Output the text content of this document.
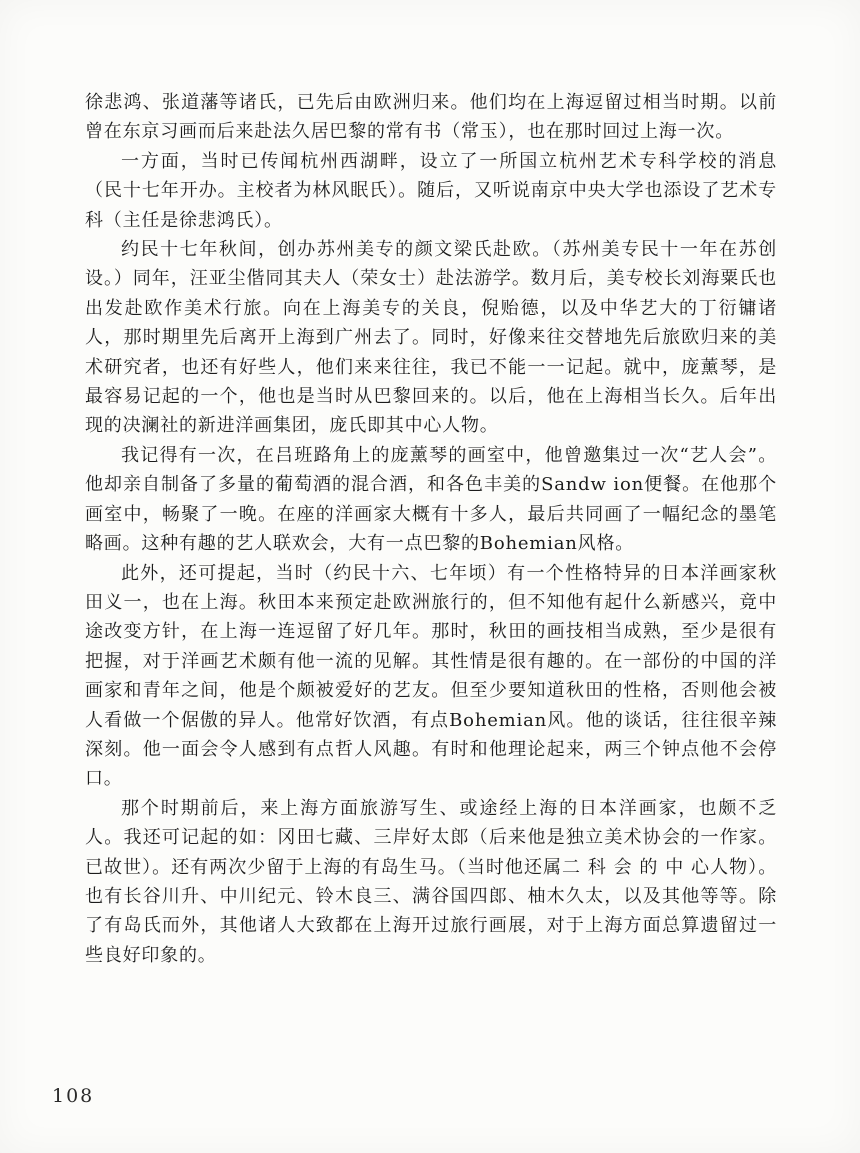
徐悲鸿、张道藩等诸氏，已先后由欧洲归来。他们均在上海逗留过相当时期。以前曾在东京习画而后来赴法久居巴黎的常有书（常玉），也在那时回过上海一次。

一方面，当时已传闻杭州西湖畔，设立了一所国立杭州艺术专科学校的消息（民十七年开办。主校者为林风眠氏）。随后，又听说南京中央大学也添设了艺术专科（主任是徐悲鸿氏）。

约民十七年秋间，创办苏州美专的颜文梁氏赴欧。（苏州美专民十一年在苏创设。）同年，汪亚尘偕同其夫人（荣女士）赴法游学。数月后，美专校长刘海粟氏也出发赴欧作美术行旅。向在上海美专的关良，倪贻德，以及中华艺大的丁衍镛诸人，那时期里先后离开上海到广州去了。同时，好像来往交替地先后旅欧归来的美术研究者，也还有好些人，他们来来往往，我已不能一一记起。就中，庞薰琴，是最容易记起的一个，他也是当时从巴黎回来的。以后，他在上海相当长久。后年出现的决澜社的新进洋画集团，庞氏即其中心人物。

我记得有一次，在吕班路角上的庞薰琴的画室中，他曾邀集过一次“艺人会”。他却亲自制备了多量的葡萄酒的混合酒，和各色丰美的Sandw ion便餐。在他那个画室中，畅聚了一晚。在座的洋画家大概有十多人，最后共同画了一幅纪念的墨笔略画。这种有趣的艺人联欢会，大有一点巴黎的Bohemian风格。

此外，还可提起，当时（约民十六、七年顷）有一个性格特异的日本洋画家秋田义一，也在上海。秋田本来预定赴欧洲旅行的，但不知他有起什么新感兴，竟中途改变方针，在上海一连逗留了好几年。那时，秋田的画技相当成熟，至少是很有把握，对于洋画艺术颇有他一流的见解。其性情是很有趣的。在一部份的中国的洋画家和青年之间，他是个颇被爱好的艺友。但至少要知道秋田的性格，否则他会被人看做一个倨傲的异人。他常好饮酒，有点Bohemian风。他的谈话，往往很辛辣深刻。他一面会令人感到有点哲人风趣。有时和他理论起来，两三个钟点他不会停口。

那个时期前后，来上海方面旅游写生、或途经上海的日本洋画家，也颇不乏人。我还可记起的如：冈田七藏、三岸好太郎（后来他是独立美术协会的一作家。已故世）。还有两次少留于上海的有岛生马。（当时他还属二 科 会 的 中 心人物）。也有长谷川升、中川纪元、铃木良三、满谷国四郎、柚木久太，以及其他等等。除了有岛氏而外，其他诸人大致都在上海开过旅行画展，对于上海方面总算遗留过一些良好印象的。

108
